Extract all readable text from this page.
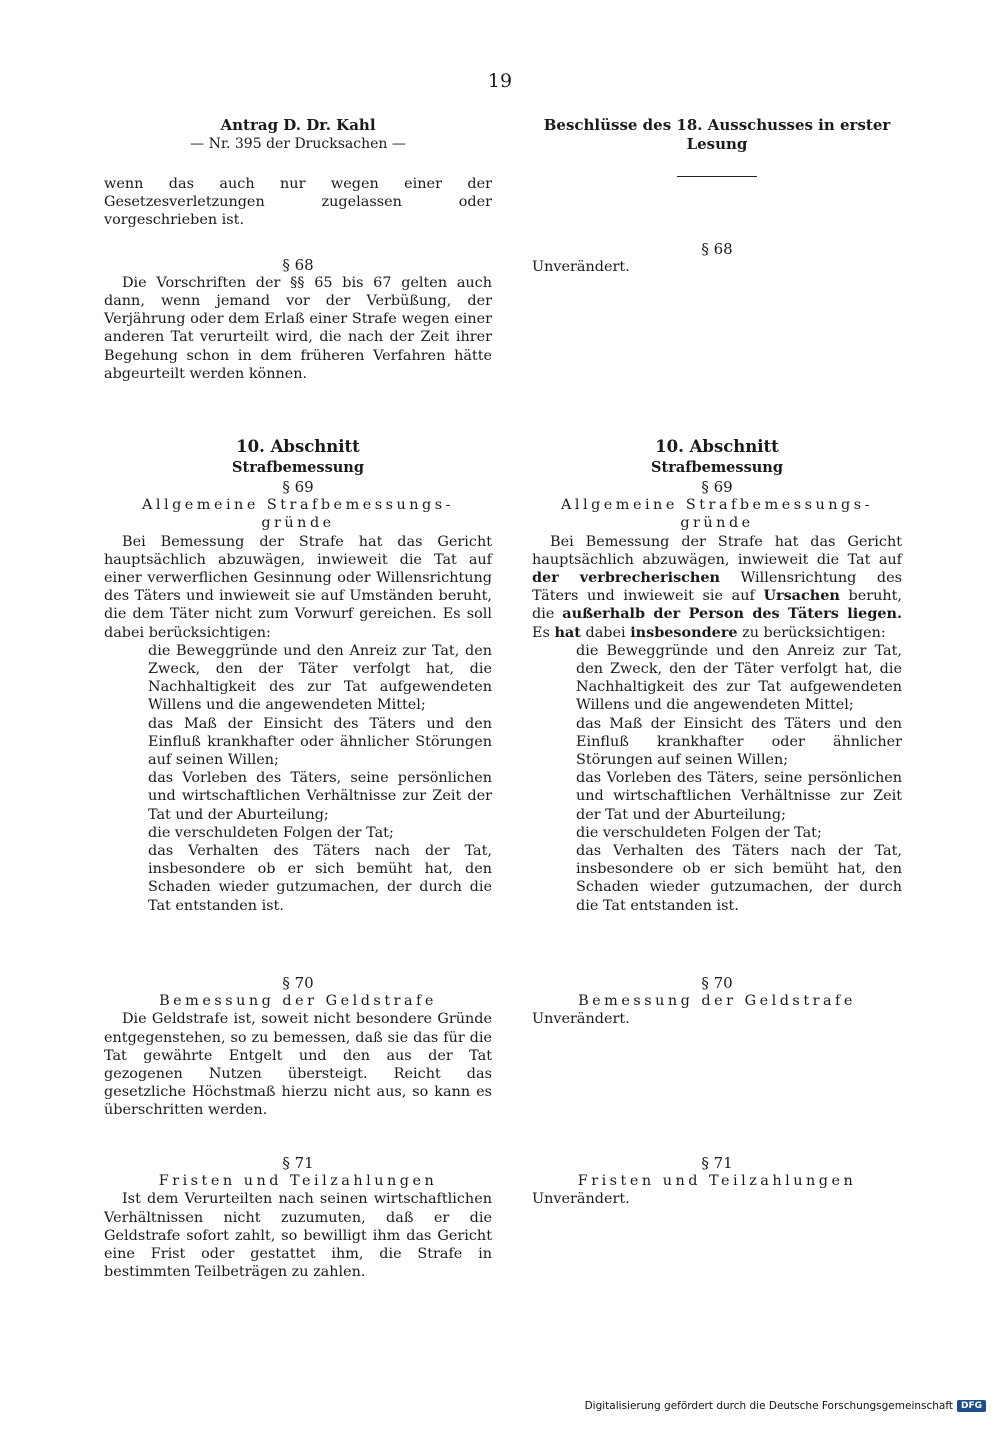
19
Antrag D. Dr. Kahl
— Nr. 395 der Drucksachen —

wenn das auch nur wegen einer der Gesetzesverletzungen zugelassen oder vorgeschrieben ist.

§ 68

Die Vorschriften der §§ 65 bis 67 gelten auch dann, wenn jemand vor der Verbüßung, der Verjährung oder dem Erlaß einer Strafe wegen einer anderen Tat verurteilt wird, die nach der Zeit ihrer Begehung schon in dem früheren Verfahren hätte abgeurteilt werden können.

10. Abschnitt
Strafbemessung
§ 69
Allgemeine Strafbemessungs-
gründe

Bei Bemessung der Strafe hat das Gericht hauptsächlich abzuwägen, inwieweit die Tat auf einer verwerflichen Gesinnung oder Willensrichtung des Täters und inwieweit sie auf Umständen beruht, die dem Täter nicht zum Vorwurf gereichen. Es soll dabei berücksichtigen:

die Beweggründe und den Anreiz zur Tat, den Zweck, den der Täter verfolgt hat, die Nachhaltigkeit des zur Tat aufgewendeten Willens und die angewendeten Mittel;

das Maß der Einsicht des Täters und den Einfluß krankhafter oder ähnlicher Störungen auf seinen Willen;

das Vorleben des Täters, seine persönlichen und wirtschaftlichen Verhältnisse zur Zeit der Tat und der Aburteilung;

die verschuldeten Folgen der Tat;

das Verhalten des Täters nach der Tat, insbesondere ob er sich bemüht hat, den Schaden wieder gutzumachen, der durch die Tat entstanden ist.

§ 70
Bemessung der Geldstrafe

Die Geldstrafe ist, soweit nicht besondere Gründe entgegenstehen, so zu bemessen, daß sie das für die Tat gewährte Entgelt und den aus der Tat gezogenen Nutzen übersteigt. Reicht das gesetzliche Höchstmaß hierzu nicht aus, so kann es überschritten werden.

§ 71
Fristen und Teilzahlungen

Ist dem Verurteilten nach seinen wirtschaftlichen Verhältnissen nicht zuzumuten, daß er die Geldstrafe sofort zahlt, so bewilligt ihm das Gericht eine Frist oder gestattet ihm, die Strafe in bestimmten Teilbeträgen zu zahlen.

Beschlüsse des 18. Ausschusses in erster Lesung
§ 68

Unverändert.

10. Abschnitt
Strafbemessung
§ 69
Allgemeine Strafbemessungs-
gründe

Bei Bemessung der Strafe hat das Gericht hauptsächlich abzuwägen, inwieweit die Tat auf der verbrecherischen Willensrichtung des Täters und inwieweit sie auf Ursachen beruht, die außerhalb der Person des Täters liegen. Es hat dabei insbesondere zu berücksichtigen:

die Beweggründe und den Anreiz zur Tat, den Zweck, den der Täter verfolgt hat, die Nachhaltigkeit des zur Tat aufgewendeten Willens und die angewendeten Mittel;

das Maß der Einsicht des Täters und den Einfluß krankhafter oder ähnlicher Störungen auf seinen Willen;

das Vorleben des Täters, seine persönlichen und wirtschaftlichen Verhältnisse zur Zeit der Tat und der Aburteilung;

die verschuldeten Folgen der Tat;

das Verhalten des Täters nach der Tat, insbesondere ob er sich bemüht hat, den Schaden wieder gutzumachen, der durch die Tat entstanden ist.

§ 70
Bemessung der Geldstrafe

Unverändert.

§ 71
Fristen und Teilzahlungen

Unverändert.

Digitalisierung gefördert durch die Deutsche Forschungsgemeinschaft DFG
